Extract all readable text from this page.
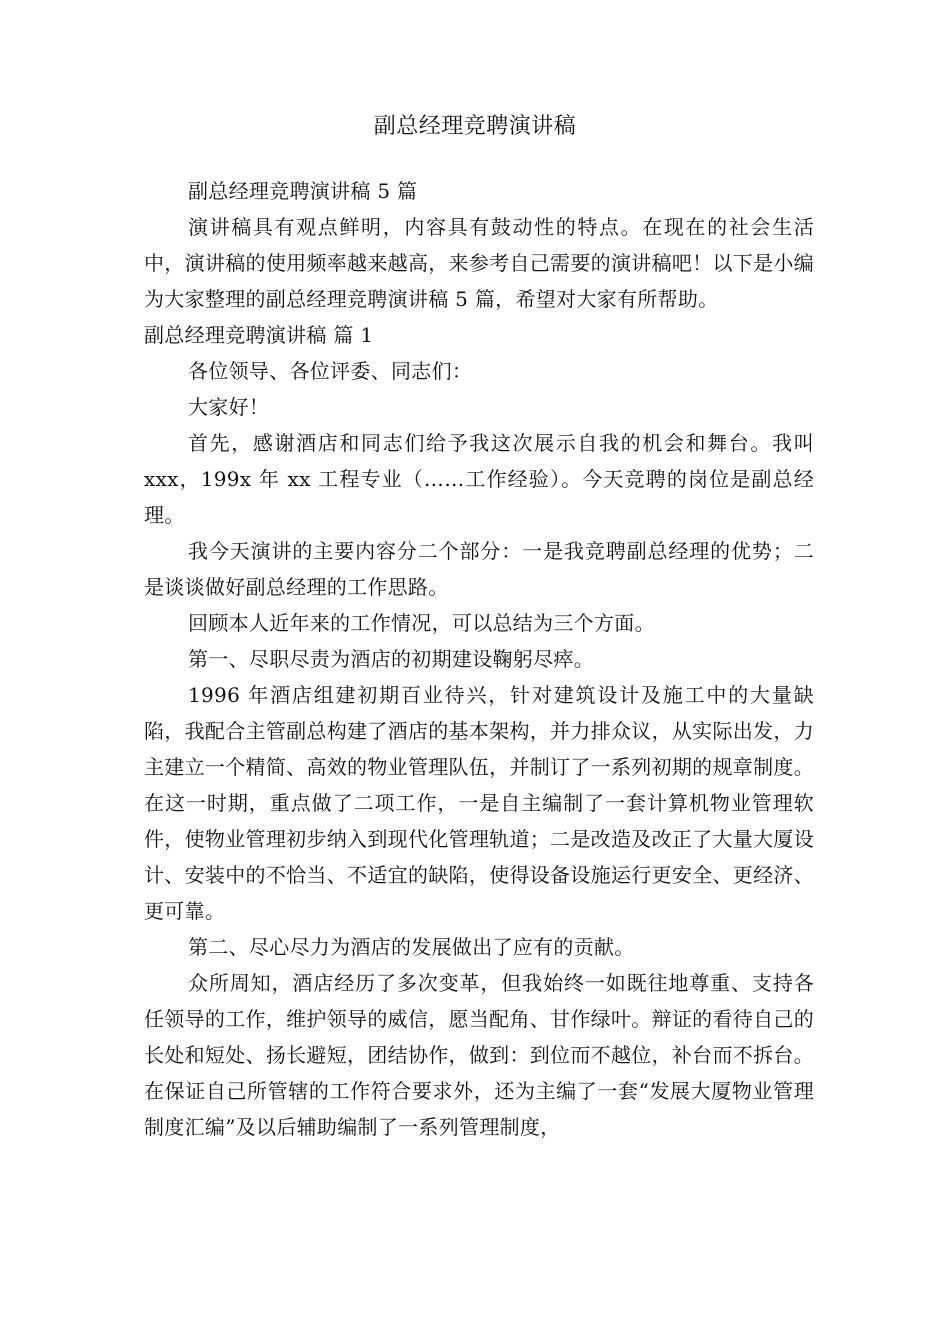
副总经理竞聘演讲稿

副总经理竞聘演讲稿 5 篇

演讲稿具有观点鲜明，内容具有鼓动性的特点。在现在的社会生活中，演讲稿的使用频率越来越高，来参考自己需要的演讲稿吧！以下是小编为大家整理的副总经理竞聘演讲稿 5 篇，希望对大家有所帮助。

副总经理竞聘演讲稿 篇 1

各位领导、各位评委、同志们：

大家好！

首先，感谢酒店和同志们给予我这次展示自我的机会和舞台。我叫 xxx，199x 年 xx 工程专业（……工作经验）。今天竞聘的岗位是副总经理。

我今天演讲的主要内容分二个部分：一是我竞聘副总经理的优势；二是谈谈做好副总经理的工作思路。

回顾本人近年来的工作情况，可以总结为三个方面。

第一、尽职尽责为酒店的初期建设鞠躬尽瘁。

1996 年酒店组建初期百业待兴，针对建筑设计及施工中的大量缺陷，我配合主管副总构建了酒店的基本架构，并力排众议，从实际出发，力主建立一个精简、高效的物业管理队伍，并制订了一系列初期的规章制度。在这一时期，重点做了二项工作，一是自主编制了一套计算机物业管理软件，使物业管理初步纳入到现代化管理轨道；二是改造及改正了大量大厦设计、安装中的不恰当、不适宜的缺陷，使得设备设施运行更安全、更经济、更可靠。

第二、尽心尽力为酒店的发展做出了应有的贡献。

众所周知，酒店经历了多次变革，但我始终一如既往地尊重、支持各任领导的工作，维护领导的威信，愿当配角、甘作绿叶。辩证的看待自己的长处和短处、扬长避短，团结协作，做到：到位而不越位，补台而不拆台。在保证自己所管辖的工作符合要求外，还为主编了一套“发展大厦物业管理制度汇编”及以后辅助编制了一系列管理制度，
